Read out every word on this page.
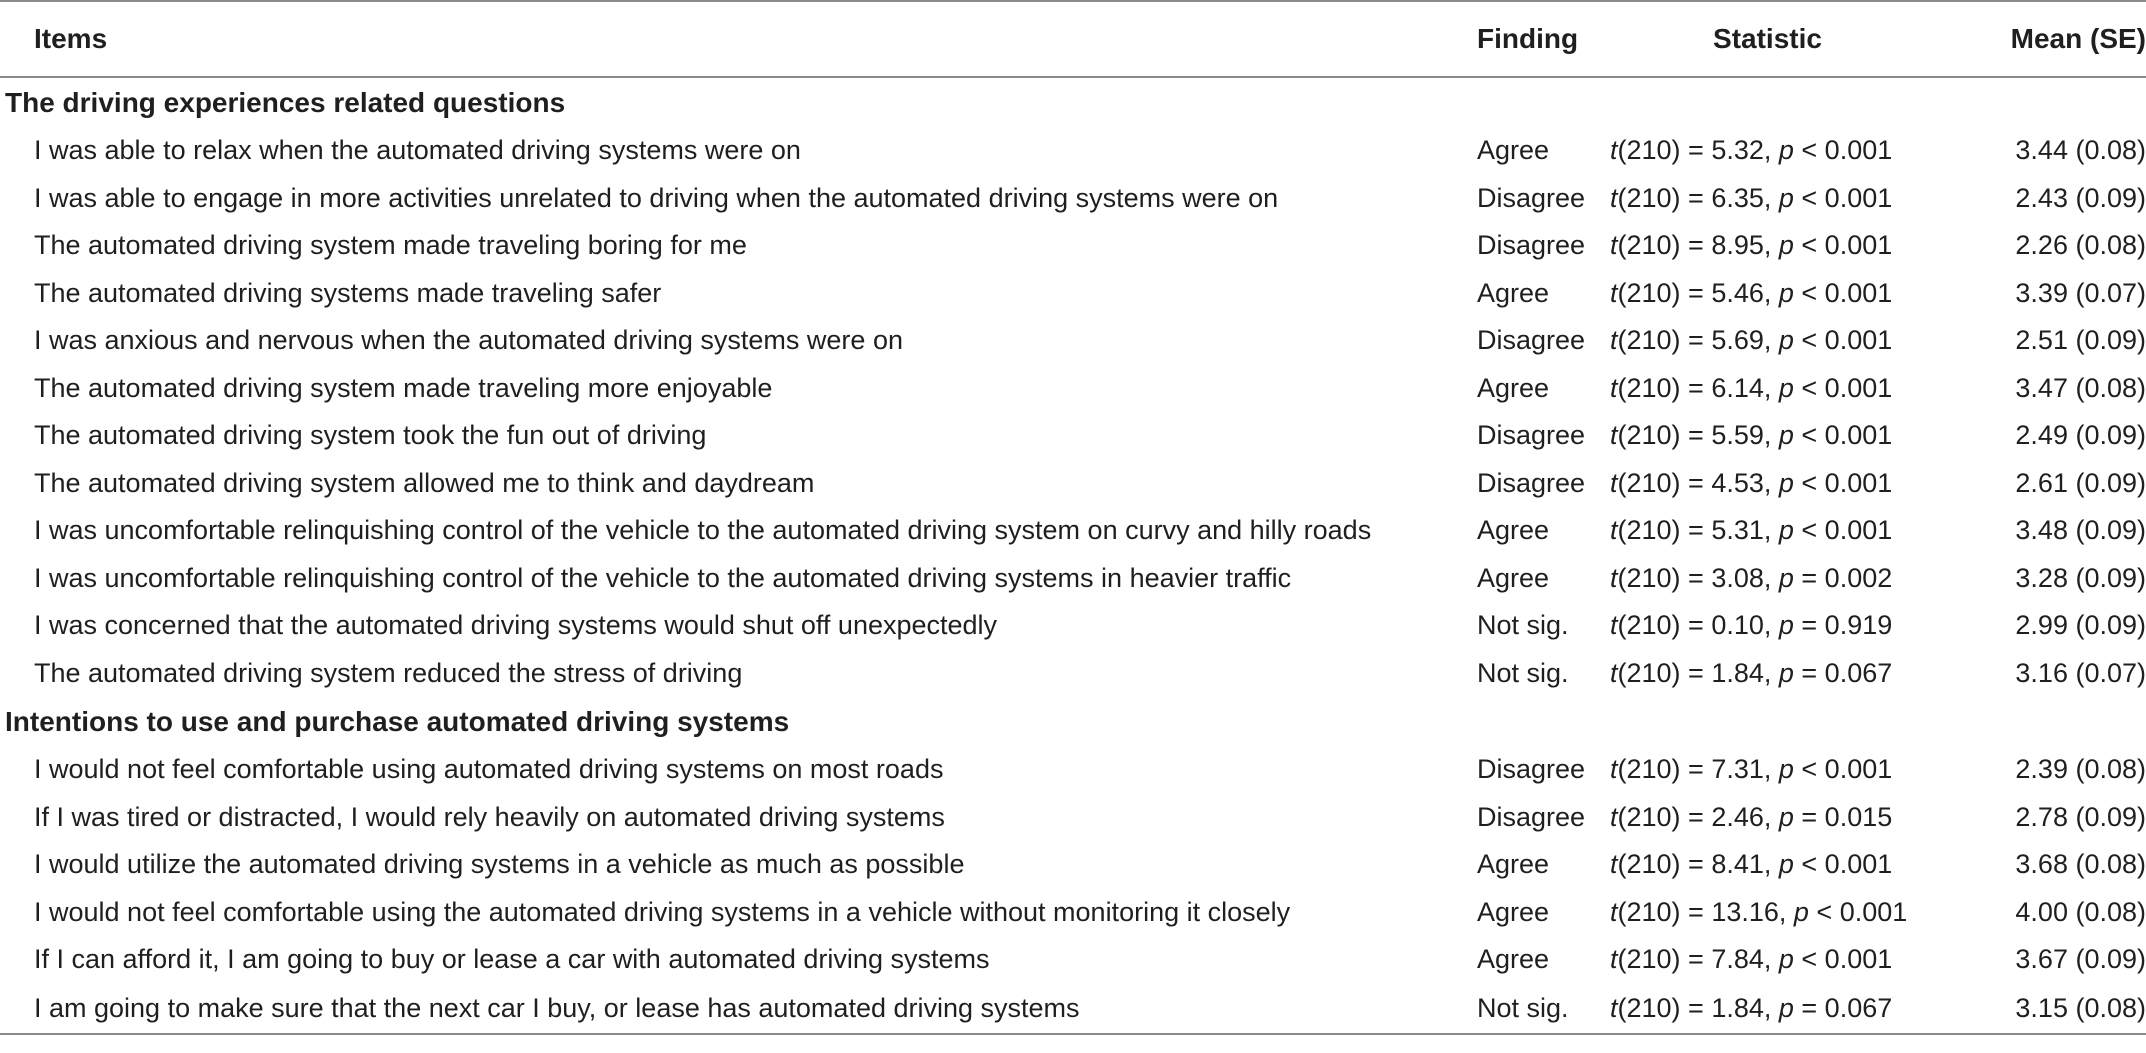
Items	Finding	Statistic	Mean (SE)
The driving experiences related questions			
I was able to relax when the automated driving systems were on	Agree	t(210) = 5.32, p < 0.001	3.44 (0.08)
I was able to engage in more activities unrelated to driving when the automated driving systems were on	Disagree	t(210) = 6.35, p < 0.001	2.43 (0.09)
The automated driving system made traveling boring for me	Disagree	t(210) = 8.95, p < 0.001	2.26 (0.08)
The automated driving systems made traveling safer	Agree	t(210) = 5.46, p < 0.001	3.39 (0.07)
I was anxious and nervous when the automated driving systems were on	Disagree	t(210) = 5.69, p < 0.001	2.51 (0.09)
The automated driving system made traveling more enjoyable	Agree	t(210) = 6.14, p < 0.001	3.47 (0.08)
The automated driving system took the fun out of driving	Disagree	t(210) = 5.59, p < 0.001	2.49 (0.09)
The automated driving system allowed me to think and daydream	Disagree	t(210) = 4.53, p < 0.001	2.61 (0.09)
I was uncomfortable relinquishing control of the vehicle to the automated driving system on curvy and hilly roads	Agree	t(210) = 5.31, p < 0.001	3.48 (0.09)
I was uncomfortable relinquishing control of the vehicle to the automated driving systems in heavier traffic	Agree	t(210) = 3.08, p = 0.002	3.28 (0.09)
I was concerned that the automated driving systems would shut off unexpectedly	Not sig.	t(210) = 0.10, p = 0.919	2.99 (0.09)
The automated driving system reduced the stress of driving	Not sig.	t(210) = 1.84, p = 0.067	3.16 (0.07)
Intentions to use and purchase automated driving systems			
I would not feel comfortable using automated driving systems on most roads	Disagree	t(210) = 7.31, p < 0.001	2.39 (0.08)
If I was tired or distracted, I would rely heavily on automated driving systems	Disagree	t(210) = 2.46, p = 0.015	2.78 (0.09)
I would utilize the automated driving systems in a vehicle as much as possible	Agree	t(210) = 8.41, p < 0.001	3.68 (0.08)
I would not feel comfortable using the automated driving systems in a vehicle without monitoring it closely	Agree	t(210) = 13.16, p < 0.001	4.00 (0.08)
If I can afford it, I am going to buy or lease a car with automated driving systems	Agree	t(210) = 7.84, p < 0.001	3.67 (0.09)
I am going to make sure that the next car I buy, or lease has automated driving systems	Not sig.	t(210) = 1.84, p = 0.067	3.15 (0.08)
